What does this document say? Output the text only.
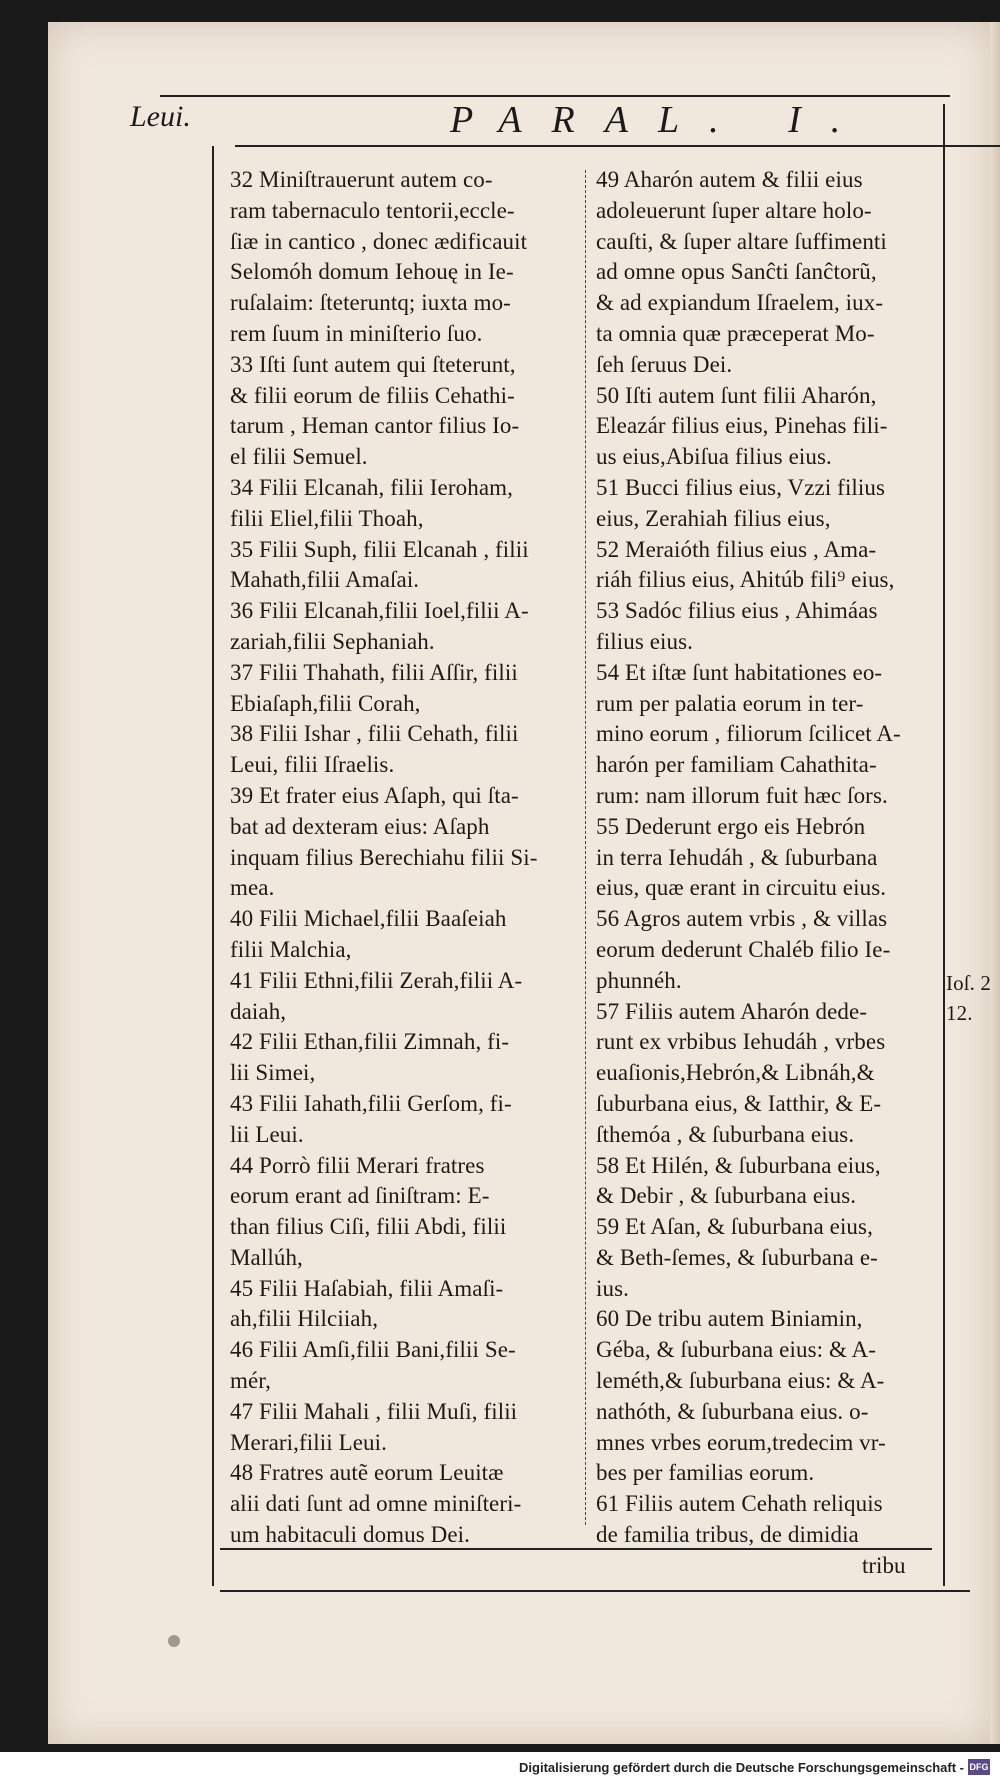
Leui.	PARAL. I.
32 Miniſtrauerunt autem co-
ram tabernaculo tentorii,eccle-
ſiæ in cantico , donec ædificauit
Selomóh domum Iehouę in Ie-
ruſalaim: ſteteruntq; iuxta mo-
rem ſuum in miniſterio ſuo.
33 Iſti ſunt autem qui ſteterunt,
& filii eorum de filiis Cehathi-
tarum , Heman cantor filius Io-
el filii Semuel.
34 Filii Elcanah, filii Ieroham,
filii Eliel,filii Thoah,
35 Filii Suph, filii Elcanah , filii
Mahath,filii Amaſai.
36 Filii Elcanah,filii Ioel,filii A-
zariah,filii Sephaniah.
37 Filii Thahath, filii Aſſir, filii
Ebiaſaph,filii Corah,
38 Filii Ishar , filii Cehath, filii
Leui, filii Iſraelis.
39 Et frater eius Aſaph, qui ſta-
bat ad dexteram eius: Aſaph
inquam filius Berechiahu filii Si-
mea.
40 Filii Michael,filii Baaſeiah
filii Malchia,
41 Filii Ethni,filii Zerah,filii A-
daiah,
42 Filii Ethan,filii Zimnah, fi-
lii Simei,
43 Filii Iahath,filii Gerſom, fi-
lii Leui.
44 Porrò filii Merari fratres
eorum erant ad ſiniſtram: E-
than filius Ciſi, filii Abdi, filii
Mallúh,
45 Filii Haſabiah, filii Amaſi-
ah,filii Hilciiah,
46 Filii Amſi,filii Bani,filii Se-
mér,
47 Filii Mahali , filii Muſi, filii
Merari,filii Leui.
48 Fratres autẽ eorum Leuitæ
alii dati ſunt ad omne miniſteri-
um habitaculi domus Dei.
49 Aharón autem & filii eius
adoleuerunt ſuper altare holo-
cauſti, & ſuper altare ſuffimenti
ad omne opus Sanĉti ſanĉtorũ,
& ad expiandum Iſraelem, iux-
ta omnia quæ præceperat Mo-
ſeh ſeruus Dei.
50 Iſti autem ſunt filii Aharón,
Eleazár filius eius, Pinehas fili-
us eius,Abiſua filius eius.
51 Bucci filius eius, Vzzi filius
eius, Zerahiah filius eius,
52 Meraióth filius eius , Ama-
riáh filius eius, Ahitúb fili⁹ eius,
53 Sadóc filius eius , Ahimáas
filius eius.
54 Et iſtæ ſunt habitationes eo-
rum per palatia eorum in ter-
mino eorum , filiorum ſcilicet A-
harón per familiam Cahathita-
rum: nam illorum fuit hæc ſors.
55 Dederunt ergo eis Hebrón
in terra Iehudáh , & ſuburbana
eius, quæ erant in circuitu eius.
56 Agros autem vrbis , & villas
eorum dederunt Chaléb filio Ie-
phunnéh.
57 Filiis autem Aharón dede-
runt ex vrbibus Iehudáh , vrbes
euaſionis,Hebrón,& Libnáh,&
ſuburbana eius, & Iatthir, & E-
ſthemóa , & ſuburbana eius.
58 Et Hilén, & ſuburbana eius,
& Debir , & ſuburbana eius.
59 Et Aſan, & ſuburbana eius,
& Beth-ſemes, & ſuburbana e-
ius.
60 De tribu autem Biniamin,
Géba, & ſuburbana eius: & A-
leméth,& ſuburbana eius: & A-
nathóth, & ſuburbana eius. o-
mnes vrbes eorum,tredecim vr-
bes per familias eorum.
61 Filiis autem Cehath reliquis
de familia tribus, de dimidia
Ioſ. 2
12.
tribu
Digitalisierung gefördert durch die Deutsche Forschungsgemeinschaft - DFG
